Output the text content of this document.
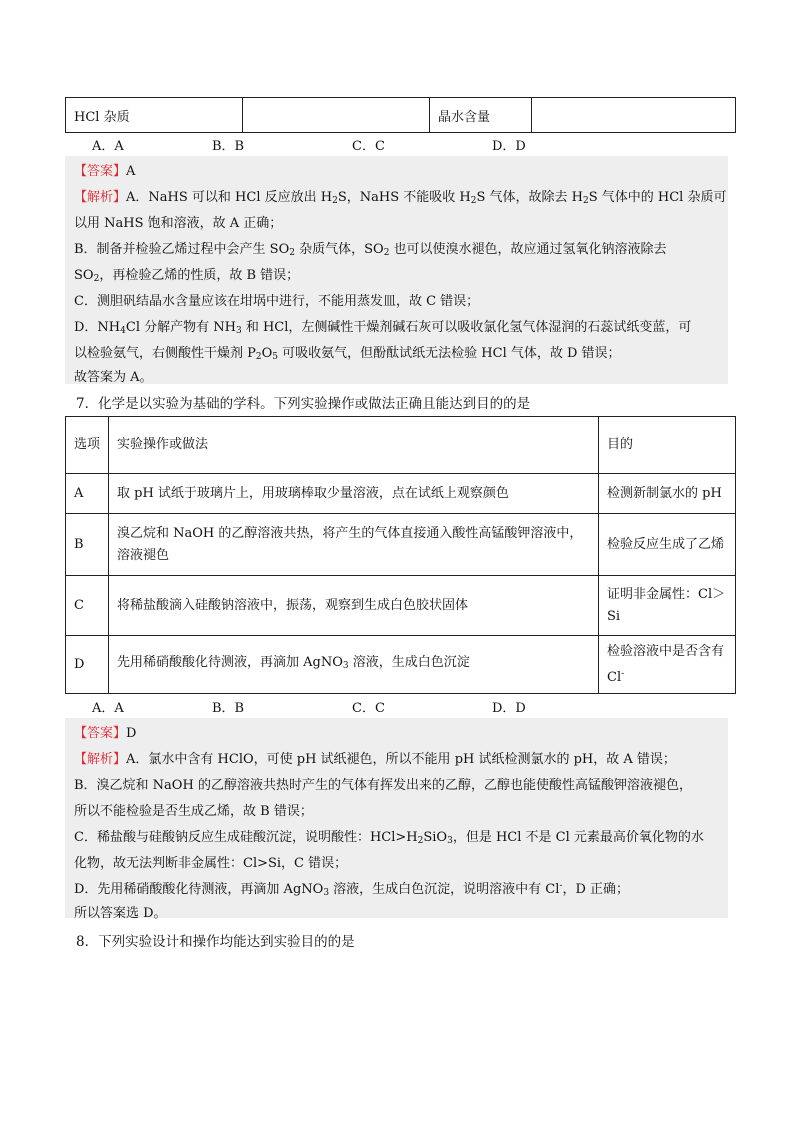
HCl 杂质		晶水含量	
A．A	B．B	C．C	D．D
【答案】A
【解析】A．NaHS 可以和 HCl 反应放出 $H_2S$，NaHS 不能吸收 $H_2S$ 气体，故除去 $H_2S$ 气体中的 HCl 杂质可
以用 NaHS 饱和溶液，故 A 正确；
B．制备并检验乙烯过程中会产生 $SO_2$ 杂质气体，$SO_2$ 也可以使溴水褪色，故应通过氢氧化钠溶液除去
$SO_2$，再检验乙烯的性质，故 B 错误；
C．测胆矾结晶水含量应该在坩埚中进行，不能用蒸发皿，故 C 错误；
D．$NH_4Cl$ 分解产物有 $NH_3$ 和 HCl，左侧碱性干燥剂碱石灰可以吸收氯化氢气体湿润的石蕊试纸变蓝，可
以检验氨气，右侧酸性干燥剂 $P_2O_5$ 可吸收氨气，但酚酞试纸无法检验 HCl 气体，故 D 错误；
故答案为 A。
7．化学是以实验为基础的学科。下列实验操作或做法正确且能达到目的的是
选项	实验操作或做法	目的
A	取 pH 试纸于玻璃片上，用玻璃棒取少量溶液，点在试纸上观察颜色	检测新制氯水的 pH
B	溴乙烷和 NaOH 的乙醇溶液共热，将产生的气体直接通入酸性高锰酸钾溶液中，溶液褪色	检验反应生成了乙烯
C	将稀盐酸滴入硅酸钠溶液中，振荡，观察到生成白色胶状固体	证明非金属性：Cl＞Si
D	先用稀硝酸酸化待测液，再滴加 AgNO$_3$ 溶液，生成白色沉淀	检验溶液中是否含有 Cl-
A．A	B．B	C．C	D．D
【答案】D
【解析】A．氯水中含有 HClO，可使 pH 试纸褪色，所以不能用 pH 试纸检测氯水的 pH，故 A 错误；
B．溴乙烷和 NaOH 的乙醇溶液共热时产生的气体有挥发出来的乙醇，乙醇也能使酸性高锰酸钾溶液褪色，
所以不能检验是否生成乙烯，故 B 错误；
C．稀盐酸与硅酸钠反应生成硅酸沉淀，说明酸性：$HCl>H_2SiO_3$，但是 HCl 不是 Cl 元素最高价氧化物的水
化物，故无法判断非金属性：Cl>Si，C 错误；
D．先用稀硝酸酸化待测液，再滴加 AgNO$_3$ 溶液，生成白色沉淀，说明溶液中有 Cl-，D 正确；
所以答案选 D。
8．下列实验设计和操作均能达到实验目的的是
